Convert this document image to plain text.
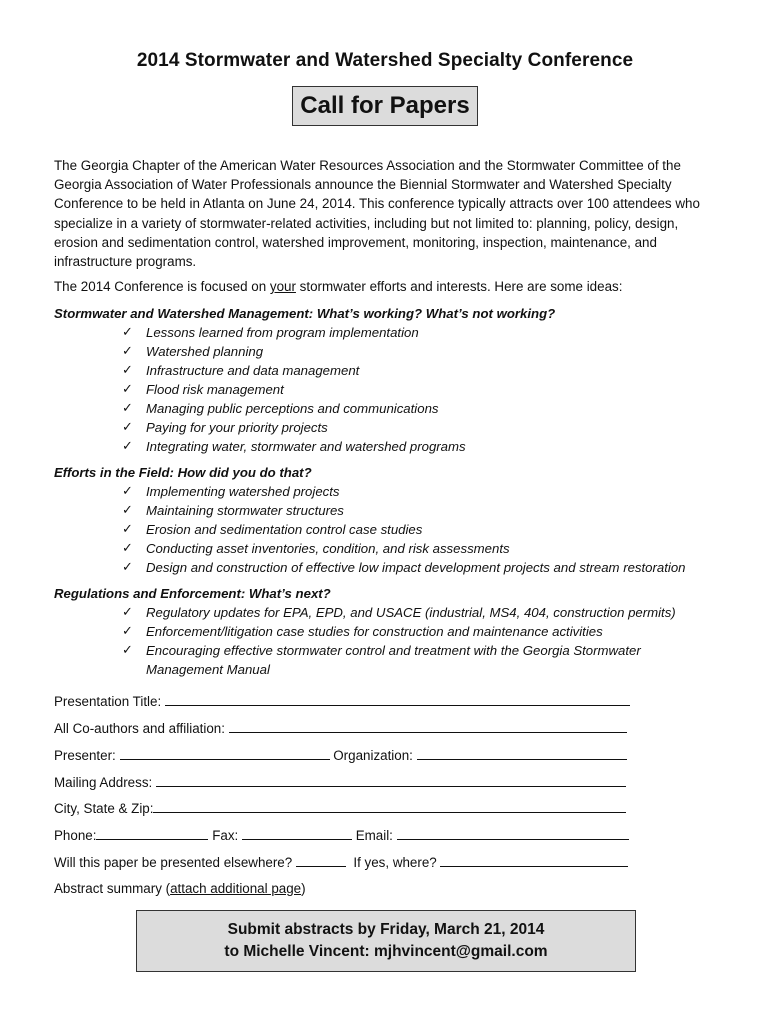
2014 Stormwater and Watershed Specialty Conference
Call for Papers
The Georgia Chapter of the American Water Resources Association and the Stormwater Committee of the Georgia Association of Water Professionals announce the Biennial Stormwater and Watershed Specialty Conference to be held in Atlanta on June 24, 2014. This conference typically attracts over 100 attendees who specialize in a variety of stormwater-related activities, including but not limited to: planning, policy, design, erosion and sedimentation control, watershed improvement, monitoring, inspection, maintenance, and infrastructure programs.
The 2014 Conference is focused on your stormwater efforts and interests. Here are some ideas:
Stormwater and Watershed Management: What’s working? What’s not working?
✓ Lessons learned from program implementation
✓ Watershed planning
✓ Infrastructure and data management
✓ Flood risk management
✓ Managing public perceptions and communications
✓ Paying for your priority projects
✓ Integrating water, stormwater and watershed programs
Efforts in the Field: How did you do that?
✓ Implementing watershed projects
✓ Maintaining stormwater structures
✓ Erosion and sedimentation control case studies
✓ Conducting asset inventories, condition, and risk assessments
✓ Design and construction of effective low impact development projects and stream restoration
Regulations and Enforcement: What’s next?
✓ Regulatory updates for EPA, EPD, and USACE (industrial, MS4, 404, construction permits)
✓ Enforcement/litigation case studies for construction and maintenance activities
✓ Encouraging effective stormwater control and treatment with the Georgia Stormwater Management Manual
Presentation Title:
All Co-authors and affiliation:
Presenter:	Organization:
Mailing Address:
City, State & Zip:
Phone:	Fax:	Email:
Will this paper be presented elsewhere?	If yes, where?
Abstract summary (attach additional page)
Submit abstracts by Friday, March 21, 2014
to Michelle Vincent: mjhvincent@gmail.com
